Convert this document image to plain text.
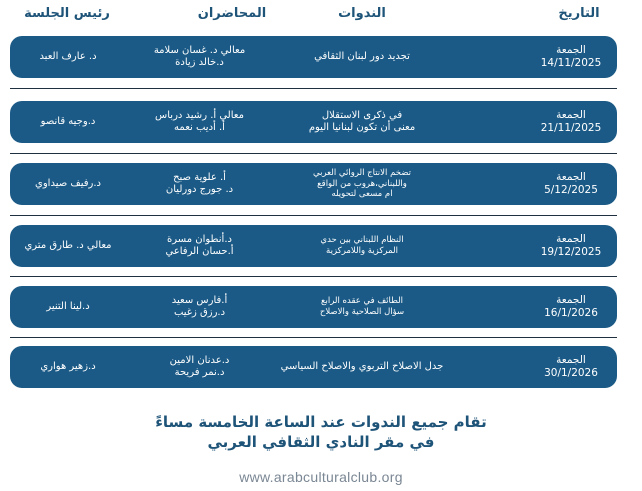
التاريخ
الندوات
المحاضران
رئيس الجلسة
الجمعة
14/11/2025
تجديد دور لبنان الثقافي
معالي د. غسان سلامة
د.خالد زيادة
د. عارف العبد
الجمعة
21/11/2025
في ذكرى الاستقلال
معنى أن تكون لبنانيا اليوم
معالي أ. رشيد درباس
أ. أديب نعمه
د.وجيه قانصو
الجمعة
5/12/2025
تضخم الانتاج الروائي العربي
واللبناني،هروب من الواقع
ام مسعى لتحويله
أ. علوية صبح
د. جورج دورليان
د.رفيف صيداوي
الجمعة
19/12/2025
النظام اللبناني بين حدي
المركزية واللامركزية
د.أنطوان مسرة
أ.حسان الرفاعي
معالي د. طارق متري
الجمعة
16/1/2026
الطائف في عقده الرابع
سؤال الصلاحية والاصلاح
أ.فارس سعيد
د.رزق زغيب
د.لينا التنير
الجمعة
30/1/2026
جدل الاصلاح التربوي والاصلاح السياسي
د.عدنان الامين
د.نمر فريحة
د.زهير هواري
تقام جميع الندوات عند الساعة الخامسة مساءً
في مقر النادي الثقافي العربي
www.arabculturalclub.org
